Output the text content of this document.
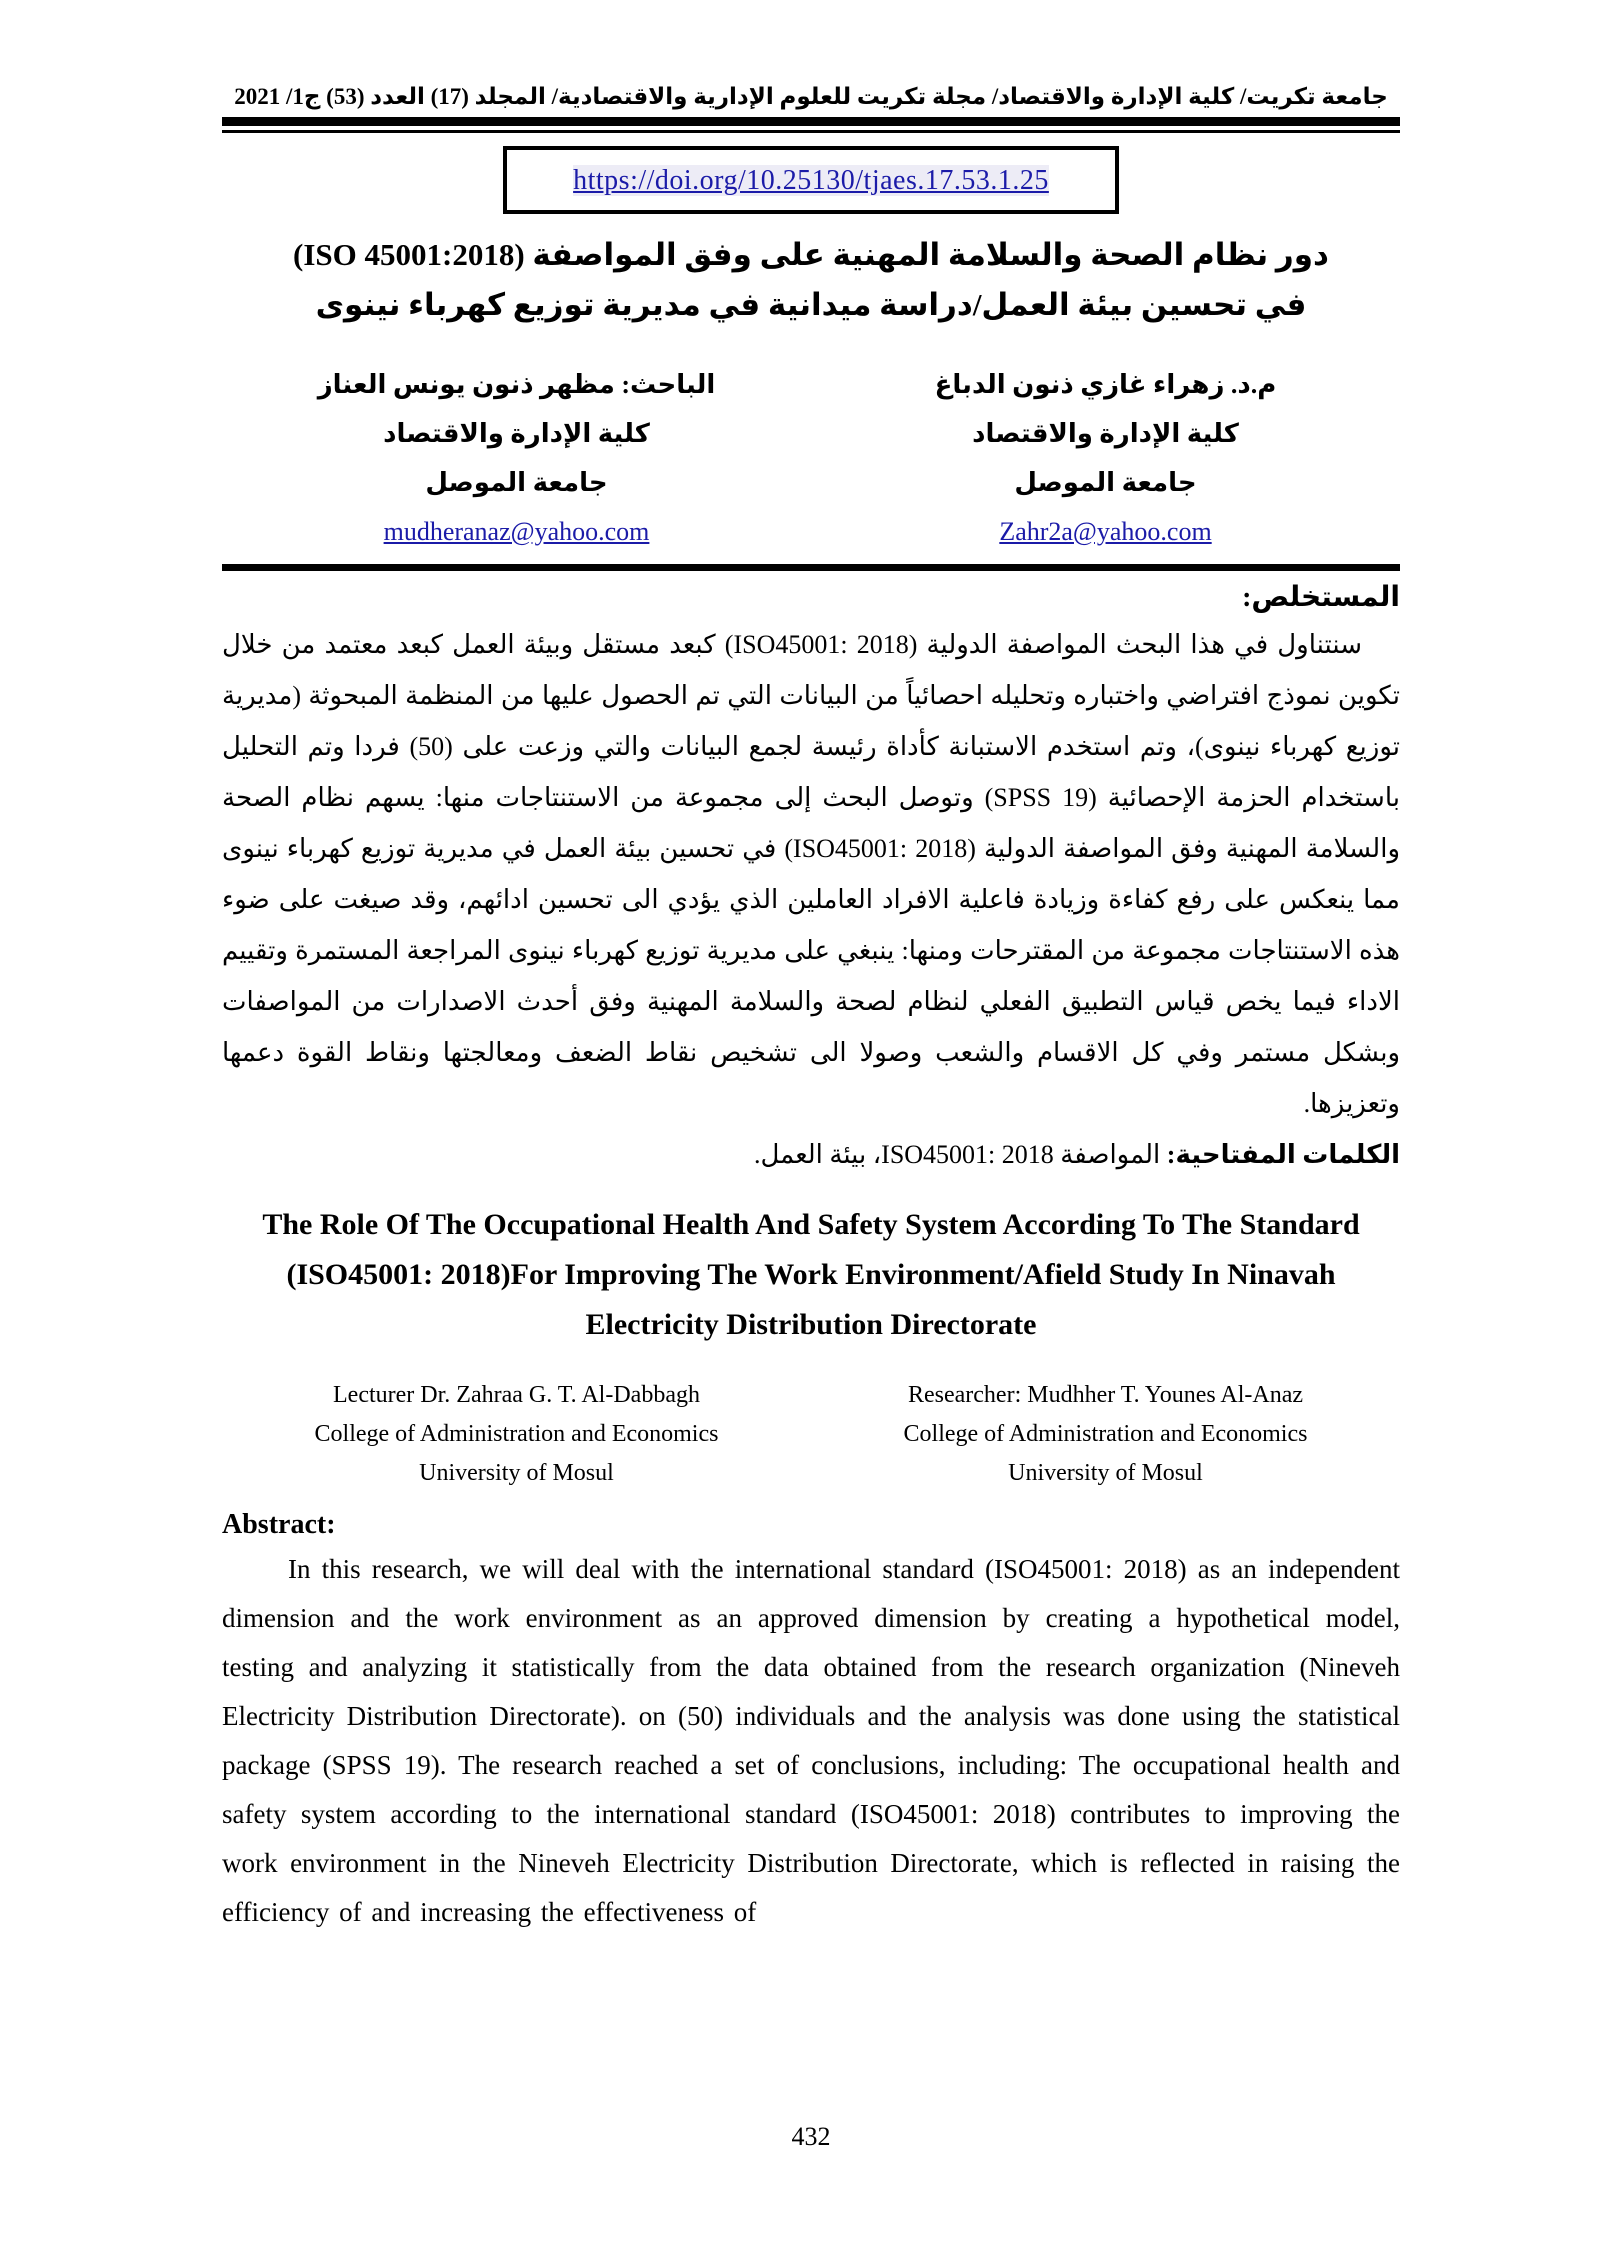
جامعة تكريت/ كلية الإدارة والاقتصاد/ مجلة تكريت للعلوم الإدارية والاقتصادية/ المجلد (17) العدد (53) ج1/ 2021
https://doi.org/10.25130/tjaes.17.53.1.25
دور نظام الصحة والسلامة المهنية على وفق المواصفة (ISO 45001:2018)
في تحسين بيئة العمل/دراسة ميدانية في مديرية توزيع كهرباء نينوى
م.د. زهراء غازي ذنون الدباغ
كلية الإدارة والاقتصاد
جامعة الموصل
Zahr2a@yahoo.com
الباحث: مظهر ذنون يونس العناز
كلية الإدارة والاقتصاد
جامعة الموصل
mudheranaz@yahoo.com
المستخلص:

سنتناول في هذا البحث المواصفة الدولية (ISO45001: 2018) كبعد مستقل وبيئة العمل كبعد معتمد من خلال تكوين نموذج افتراضي واختباره وتحليله احصائياً من البيانات التي تم الحصول عليها من المنظمة المبحوثة (مديرية توزيع كهرباء نينوى)، وتم استخدم الاستبانة كأداة رئيسة لجمع البيانات والتي وزعت على (50) فردا وتم التحليل باستخدام الحزمة الإحصائية (SPSS 19) وتوصل البحث إلى مجموعة من الاستنتاجات منها: يسهم نظام الصحة والسلامة المهنية وفق المواصفة الدولية (ISO45001: 2018) في تحسين بيئة العمل في مديرية توزيع كهرباء نينوى مما ينعكس على رفع كفاءة وزيادة فاعلية الافراد العاملين الذي يؤدي الى تحسين ادائهم، وقد صيغت على ضوء هذه الاستنتاجات مجموعة من المقترحات ومنها: ينبغي على مديرية توزيع كهرباء نينوى المراجعة المستمرة وتقييم الاداء فيما يخص قياس التطبيق الفعلي لنظام لصحة والسلامة المهنية وفق أحدث الاصدارات من المواصفات وبشكل مستمر وفي كل الاقسام والشعب وصولا الى تشخيص نقاط الضعف ومعالجتها ونقاط القوة دعمها وتعزيزها.

الكلمات المفتاحية: المواصفة ISO45001: 2018، بيئة العمل.

The Role Of The Occupational Health And Safety System According To The Standard (ISO45001: 2018)For Improving The Work Environment/Afield Study In Ninavah Electricity Distribution Directorate
Lecturer Dr. Zahraa G. T. Al-Dabbagh
College of Administration and Economics
University of Mosul
Researcher: Mudhher T. Younes Al-Anaz
College of Administration and Economics
University of Mosul
Abstract:

In this research, we will deal with the international standard (ISO45001: 2018) as an independent dimension and the work environment as an approved dimension by creating a hypothetical model, testing and analyzing it statistically from the data obtained from the research organization (Nineveh Electricity Distribution Directorate). on (50) individuals and the analysis was done using the statistical package (SPSS 19). The research reached a set of conclusions, including: The occupational health and safety system according to the international standard (ISO45001: 2018) contributes to improving the work environment in the Nineveh Electricity Distribution Directorate, which is reflected in raising the efficiency of and increasing the effectiveness of

432
